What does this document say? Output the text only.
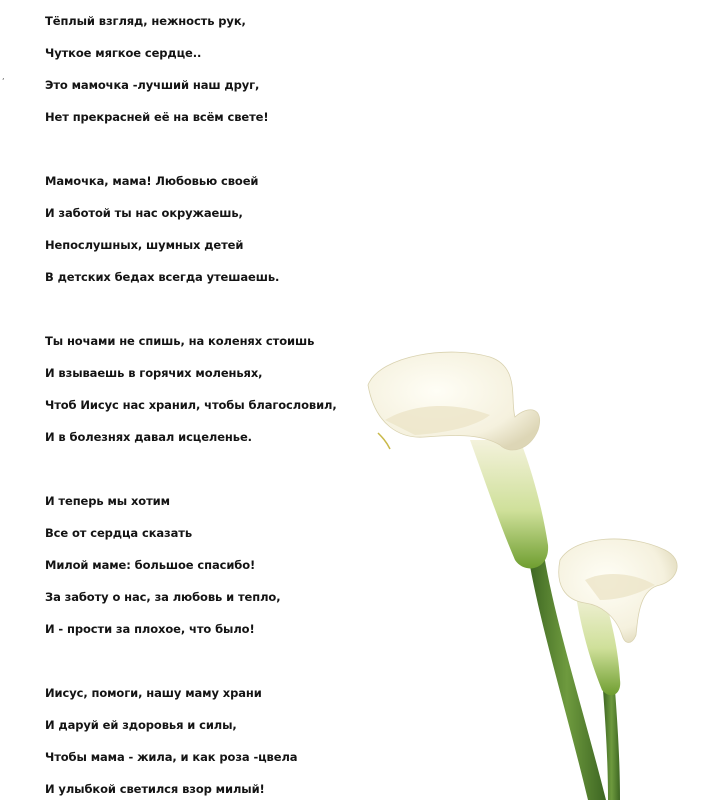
,
Тёплый взгляд, нежность рук,
Чуткое мягкое сердце..
Это мамочка -лучший наш друг,
Нет прекрасней её на всём свете!
Мамочка, мама! Любовью своей
И заботой ты нас окружаешь,
Непослушных, шумных детей
В детских бедах всегда утешаешь.
Ты ночами не спишь, на коленях стоишь
И взываешь в горячих моленьях,
Чтоб Иисус нас хранил, чтобы благословил,
И в болезнях давал исцеленье.
И теперь мы хотим
Все от сердца сказать
Милой маме: большое спасибо!
За заботу о нас, за любовь и тепло,
И - прости за плохое, что было!
Иисус, помоги, нашу маму храни
И даруй ей здоровья и силы,
Чтобы мама - жила, и как роза -цвела
И улыбкой светился взор милый!
